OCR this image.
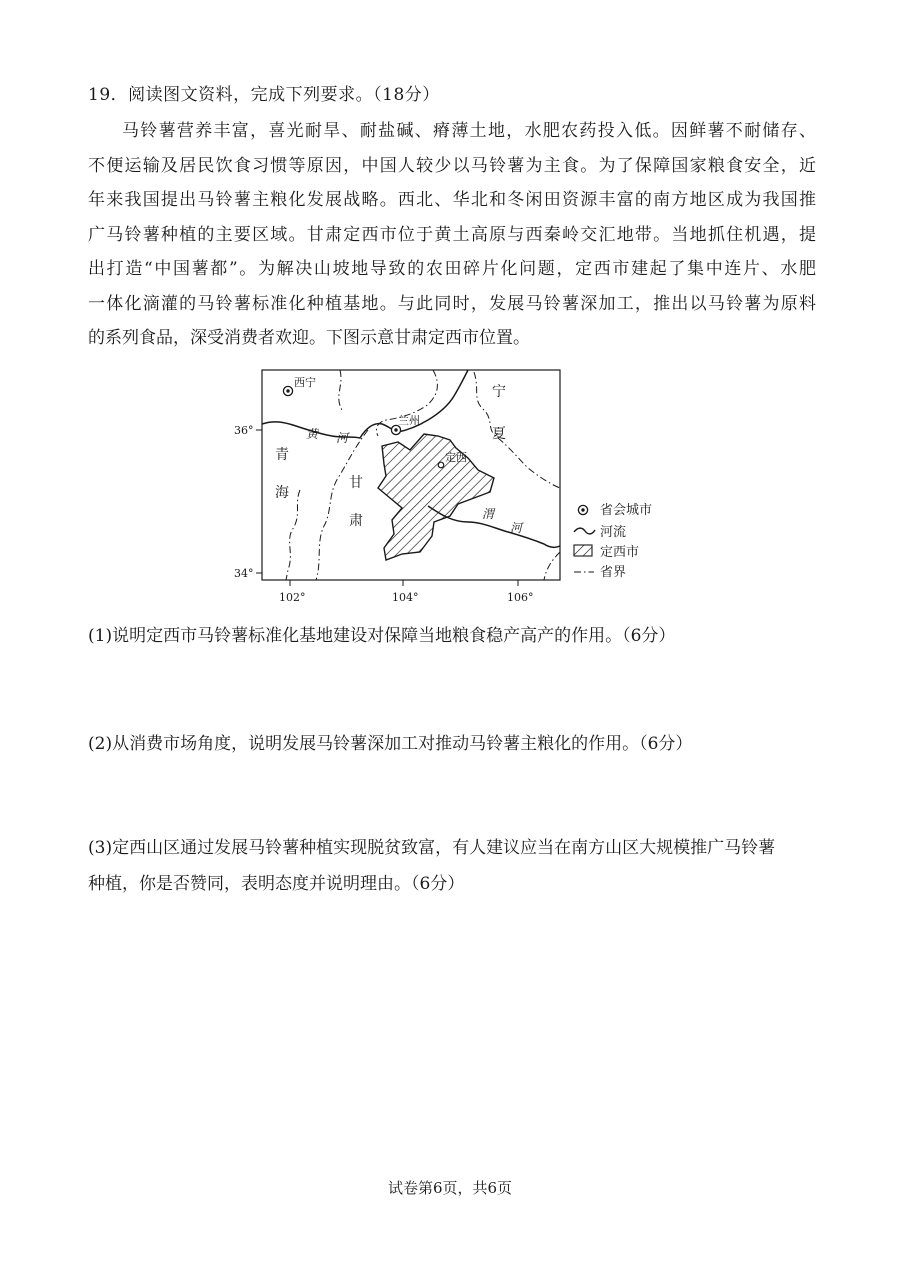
19．阅读图文资料，完成下列要求。（18分）
马铃薯营养丰富，喜光耐旱、耐盐碱、瘠薄土地，水肥农药投入低。因鲜薯不耐储存、
不便运输及居民饮食习惯等原因，中国人较少以马铃薯为主食。为了保障国家粮食安全，近
年来我国提出马铃薯主粮化发展战略。西北、华北和冬闲田资源丰富的南方地区成为我国推
广马铃薯种植的主要区域。甘肃定西市位于黄土高原与西秦岭交汇地带。当地抓住机遇，提
出打造“中国薯都”。为解决山坡地导致的农田碎片化问题，定西市建起了集中连片、水肥
一体化滴灌的马铃薯标准化种植基地。与此同时，发展马铃薯深加工，推出以马铃薯为原料
的系列食品，深受消费者欢迎。下图示意甘肃定西市位置。
西宁
兰州
定西
青
海
甘
肃
宁
夏
黄 河
渭
河
36°
34°
102°	104°	106°
省会城市
河流
定西市
省界
(1)说明定西市马铃薯标准化基地建设对保障当地粮食稳产高产的作用。（6分）
(2)从消费市场角度，说明发展马铃薯深加工对推动马铃薯主粮化的作用。（6分）
(3)定西山区通过发展马铃薯种植实现脱贫致富，有人建议应当在南方山区大规模推广马铃薯
种植，你是否赞同，表明态度并说明理由。（6分）
试卷第6页，共6页
